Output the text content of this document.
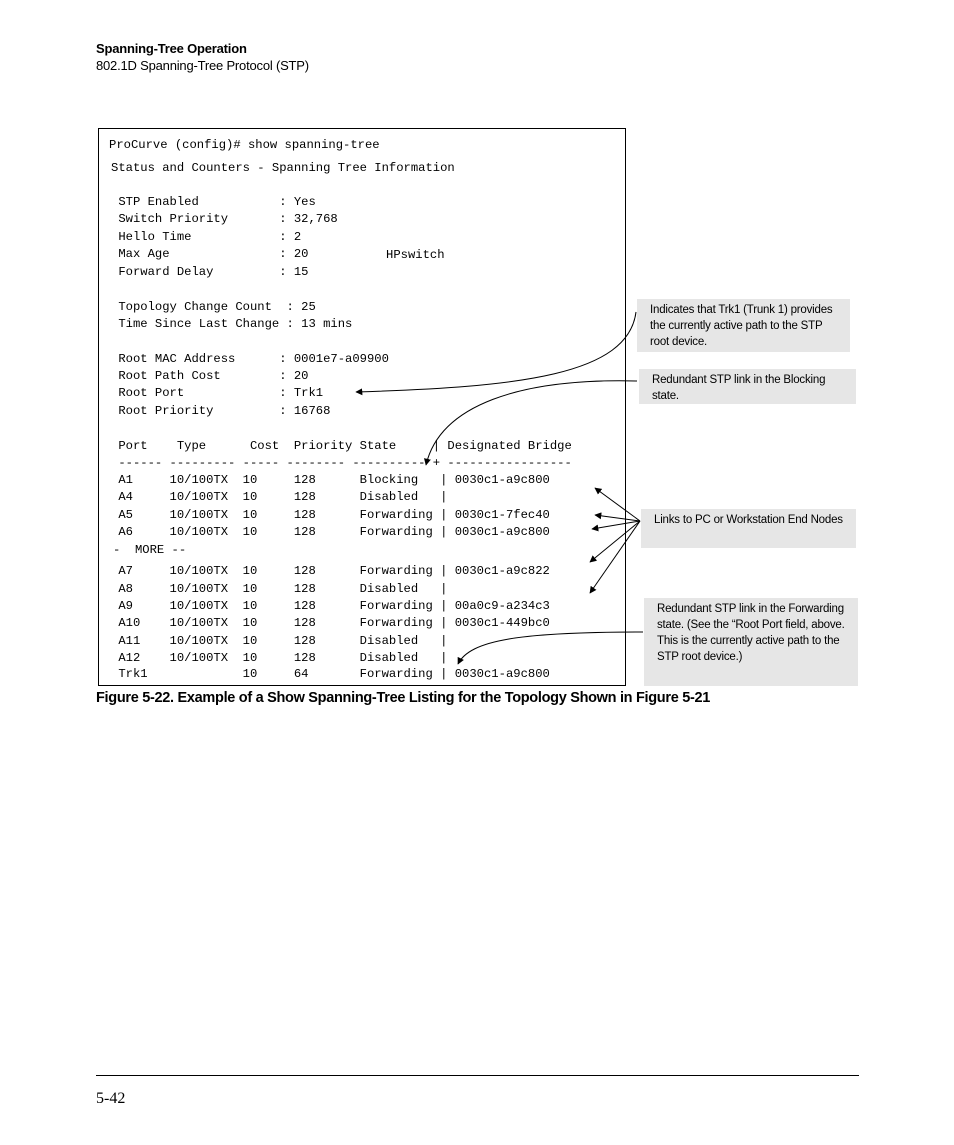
Spanning-Tree Operation
802.1D Spanning-Tree Protocol (STP)
ProCurve (config)# show spanning-tree
Status and Counters - Spanning Tree Information
STP Enabled           : Yes
Switch Priority       : 32,768
Hello Time            : 2
Max Age               : 20	HPswitch
Forward Delay         : 15
Topology Change Count  : 25
Time Since Last Change : 13 mins
Root MAC Address      : 0001e7-a09900
Root Path Cost        : 20
Root Port             : Trk1
Root Priority         : 16768
Port    Type      Cost  Priority State     | Designated Bridge
------ --------- ----- -------- ---------- + -----------------
A1     10/100TX  10     128      Blocking   | 0030c1-a9c800
A4     10/100TX  10     128      Disabled   |
A5     10/100TX  10     128      Forwarding | 0030c1-7fec40
A6     10/100TX  10     128      Forwarding | 0030c1-a9c800
-  MORE --
A7     10/100TX  10     128      Forwarding | 0030c1-a9c822
A8     10/100TX  10     128      Disabled   |
A9     10/100TX  10     128      Forwarding | 00a0c9-a234c3
A10    10/100TX  10     128      Forwarding | 0030c1-449bc0
A11    10/100TX  10     128      Disabled   |
A12    10/100TX  10     128      Disabled   |
Trk1             10     64       Forwarding | 0030c1-a9c800
Indicates that Trk1 (Trunk 1) provides the currently active path to the STP root device.
Redundant STP link in the Blocking state.
Links to PC or Workstation End Nodes
Redundant STP link in the Forwarding state. (See the “Root Port field, above. This is the currently active path to the STP root device.)
Figure 5-22. Example of a Show Spanning-Tree Listing for the Topology Shown in Figure 5-21
5-42
